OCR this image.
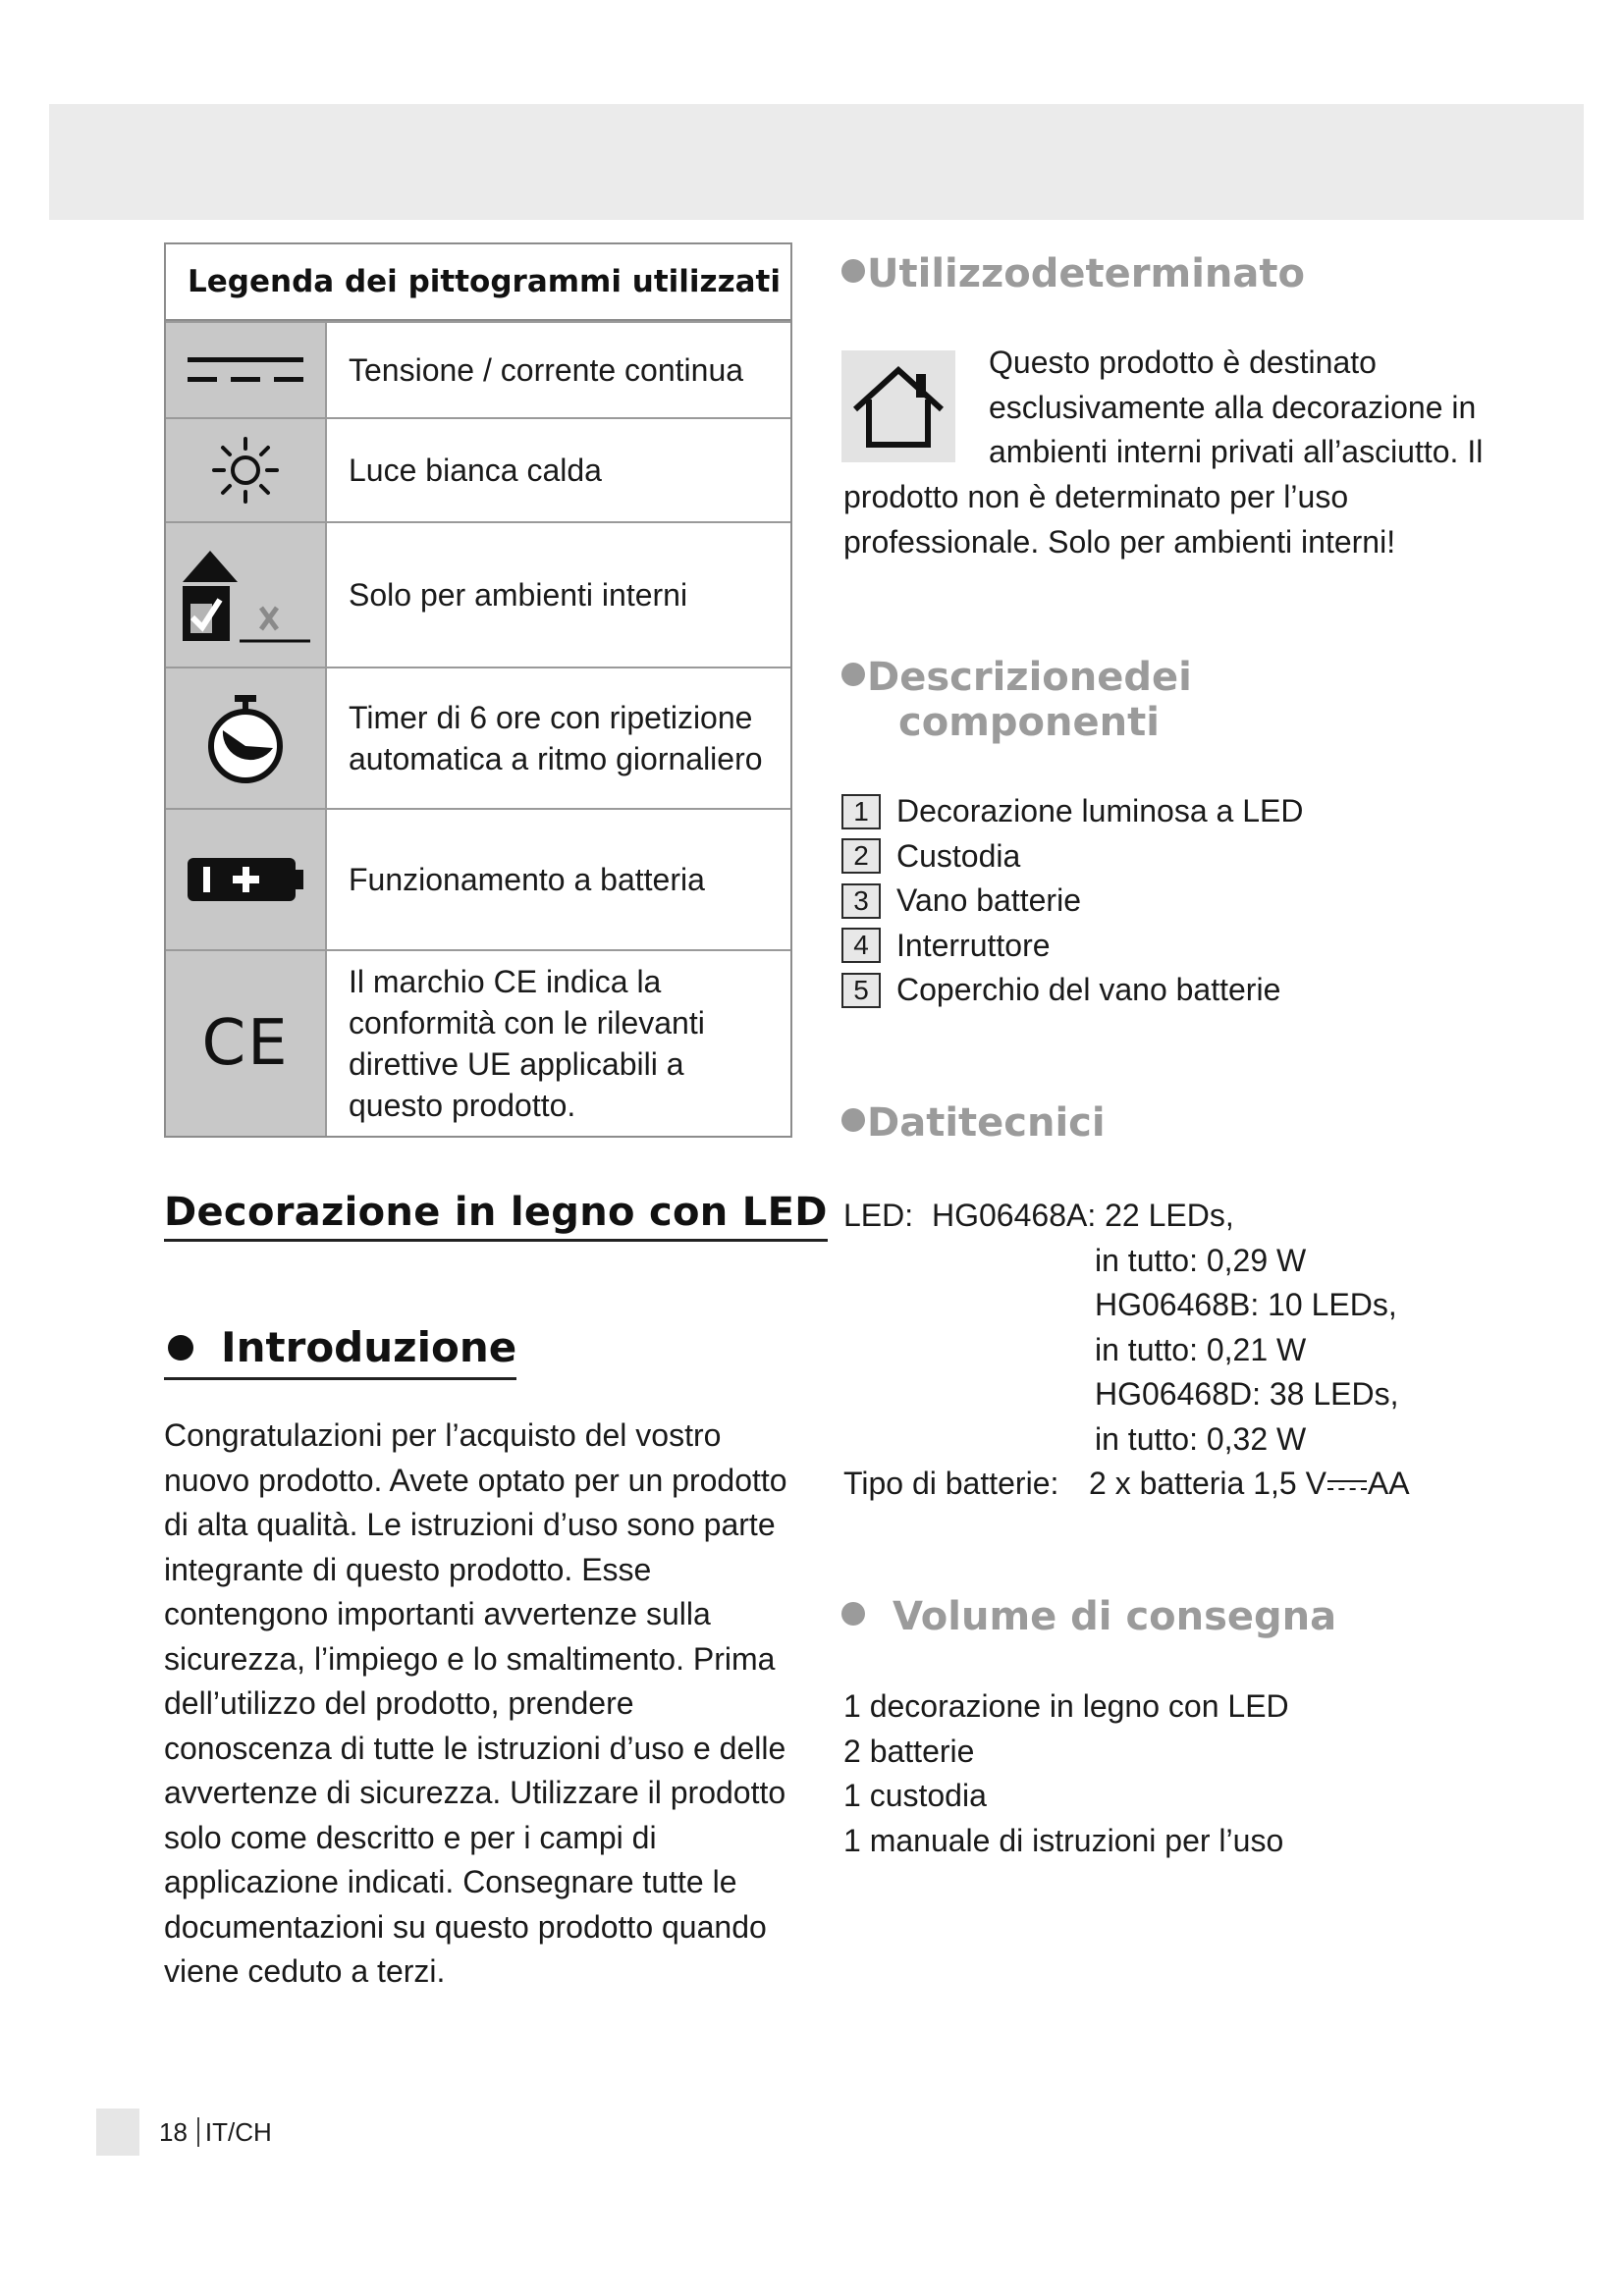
Legenda dei pittogrammi utilizzati
Tensione / corrente continua
Luce bianca calda
Solo per ambienti interni
Timer di 6 ore con ripetizione automatica a ritmo giornaliero
Funzionamento a batteria
CE
Il marchio CE indica la conformità con le rilevanti direttive UE applicabili a questo prodotto.
Decorazione in legno con LED
Introduzione
Congratulazioni per l’acquisto del vostro nuovo prodotto. Avete optato per un prodotto di alta qualità. Le istruzioni d’uso sono parte integrante di questo prodotto. Esse contengono importanti avvertenze sulla sicurezza, l’impiego e lo smaltimento. Prima dell’utilizzo del prodotto, prendere conoscenza di tutte le istruzioni d’uso e delle avvertenze di sicurezza. Utilizzare il prodotto solo come descritto e per i campi di applicazione indicati. Consegnare tutte le documentazioni su questo prodotto quando viene ceduto a terzi.
Utilizzodeterminato
Questo prodotto è destinato esclusivamente alla decorazione in ambienti interni privati all’asciutto. Il
prodotto non è determinato per l’uso professionale. Solo per ambienti interni!
Descrizionedei
componenti
1 Decorazione luminosa a LED
2 Custodia
3 Vano batterie
4 Interruttore
5 Coperchio del vano batterie
Datitecnici
LED: HG06468A: 22 LEDs,
in tutto: 0,29 W
HG06468B: 10 LEDs,
in tutto: 0,21 W
HG06468D: 38 LEDs,
in tutto: 0,32 W
Tipo di batterie: 2 x batteria 1,5 V AA
Volume di consegna
1 decorazione in legno con LED
2 batterie
1 custodia
1 manuale di istruzioni per l’uso
18 IT/CH
